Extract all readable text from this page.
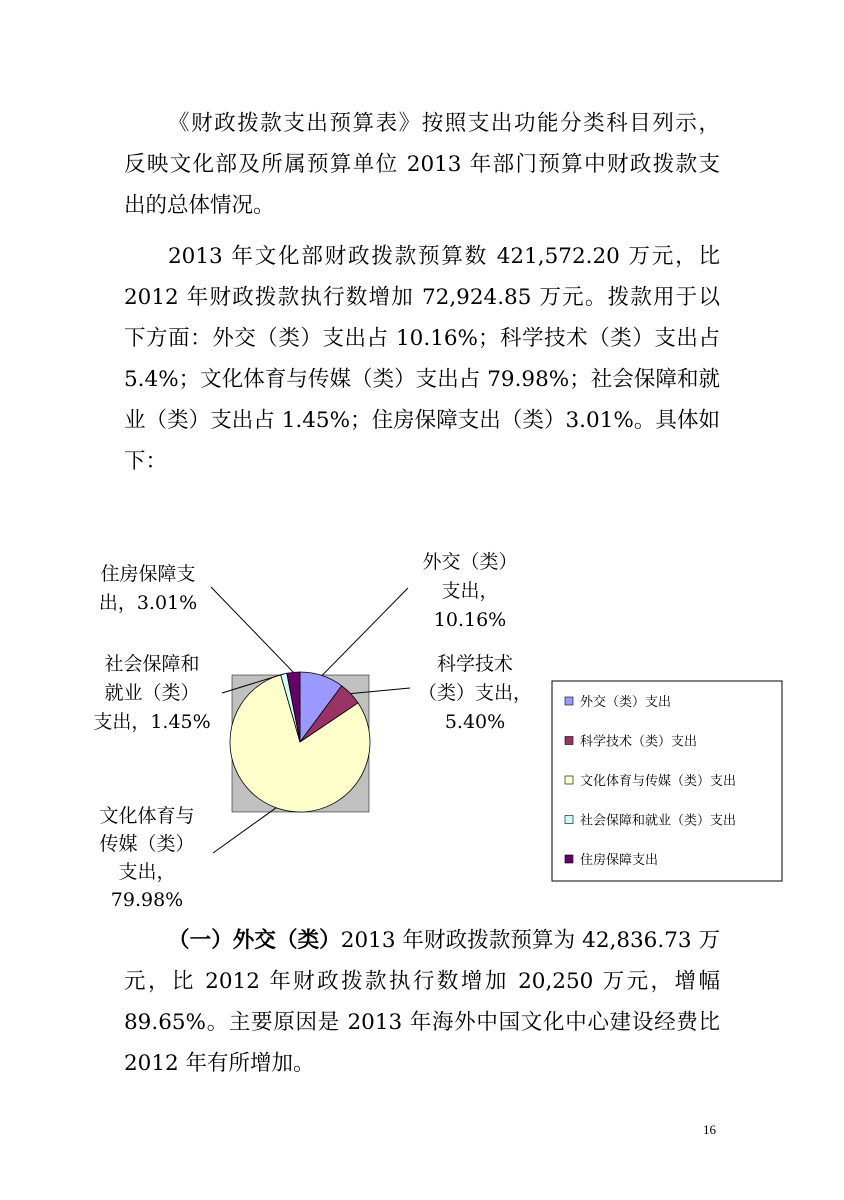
《财政拨款支出预算表》按照支出功能分类科目列示，
反映文化部及所属预算单位 2013 年部门预算中财政拨款支
出的总体情况。
2013 年文化部财政拨款预算数 421,572.20 万元，比
2012 年财政拨款执行数增加 72,924.85 万元。拨款用于以
下方面：外交（类）支出占 10.16%；科学技术（类）支出占
5.4%；文化体育与传媒（类）支出占 79.98%；社会保障和就
业（类）支出占 1.45%；住房保障支出（类）3.01%。具体如
下：
外交（类）支出， 10.16%
科学技术（类）支出， 5.40%
文化体育与传媒（类）支出， 79.98%
社会保障和就业（类）支出，1.45%
住房保障支出，3.01%
外交（类）支出
科学技术（类）支出
文化体育与传媒（类）支出
社会保障和就业（类）支出
住房保障支出
（一）外交（类）2013 年财政拨款预算为 42,836.73 万
元，比 2012 年财政拨款执行数增加 20,250 万元，增幅
89.65%。主要原因是 2013 年海外中国文化中心建设经费比
2012 年有所增加。
16
